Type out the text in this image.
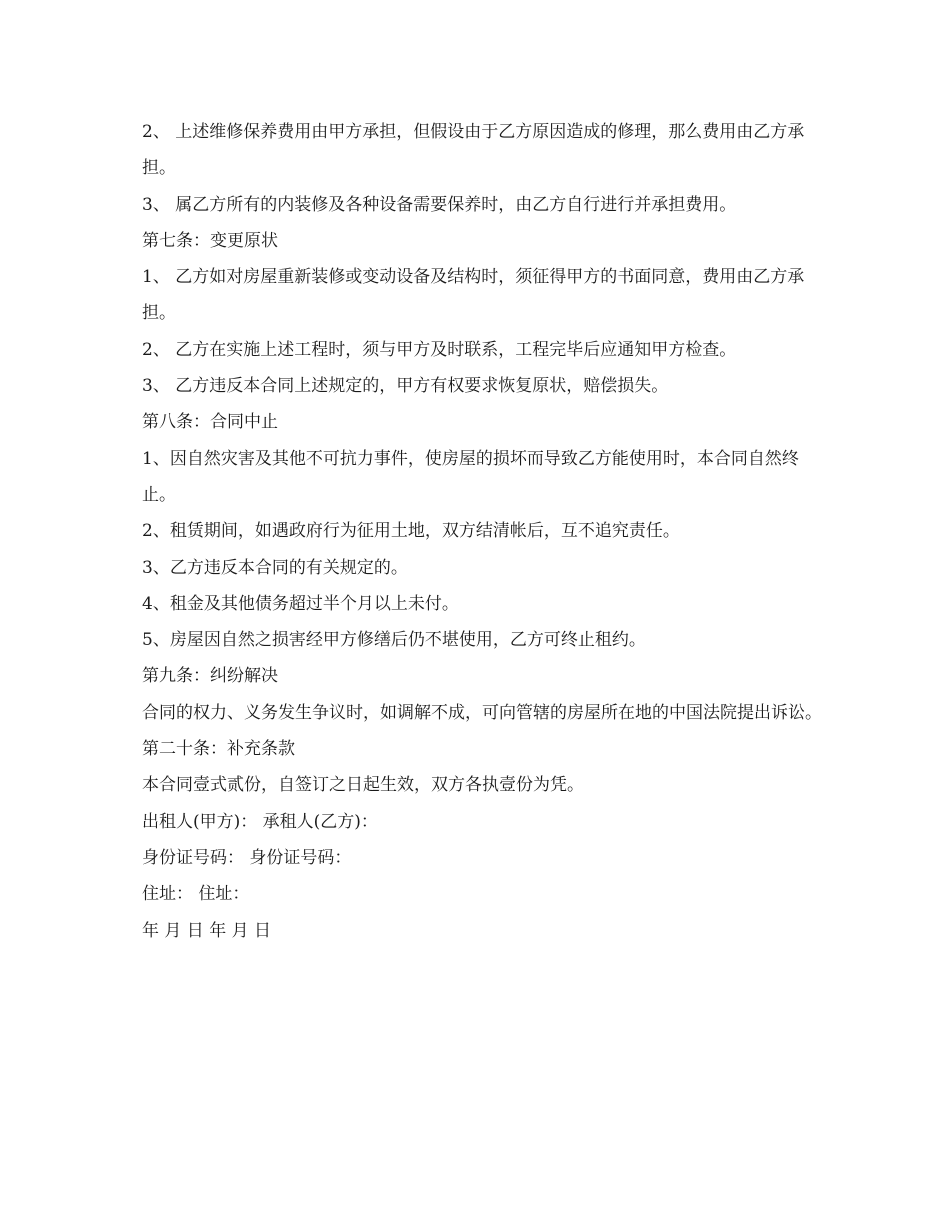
2、 上述维修保养费用由甲方承担，但假设由于乙方原因造成的修理，那么费用由乙方承担。

3、 属乙方所有的内装修及各种设备需要保养时，由乙方自行进行并承担费用。

第七条：变更原状

1、 乙方如对房屋重新装修或变动设备及结构时，须征得甲方的书面同意，费用由乙方承担。

2、 乙方在实施上述工程时，须与甲方及时联系，工程完毕后应通知甲方检查。

3、 乙方违反本合同上述规定的，甲方有权要求恢复原状，赔偿损失。

第八条：合同中止

1、因自然灾害及其他不可抗力事件，使房屋的损坏而导致乙方能使用时，本合同自然终止。

2、租赁期间，如遇政府行为征用土地，双方结清帐后，互不追究责任。

3、乙方违反本合同的有关规定的。

4、租金及其他债务超过半个月以上未付。

5、房屋因自然之损害经甲方修缮后仍不堪使用，乙方可终止租约。

第九条：纠纷解决

合同的权力、义务发生争议时，如调解不成，可向管辖的房屋所在地的中国法院提出诉讼。

第二十条：补充条款

本合同壹式贰份，自签订之日起生效，双方各执壹份为凭。

出租人(甲方)： 承租人(乙方)：

身份证号码： 身份证号码：

住址： 住址：

年 月 日 年 月 日
